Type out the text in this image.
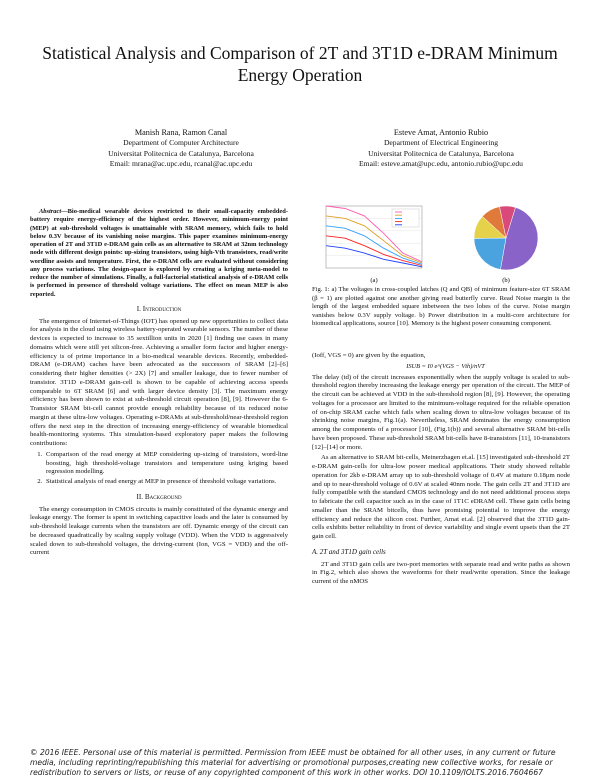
Statistical Analysis and Comparison of 2T and 3T1D e-DRAM Minimum Energy Operation
Manish Rana, Ramon Canal
Department of Computer Architecture
Universitat Politecnica de Catalunya, Barcelona
Email: mrana@ac.upc.edu, rcanal@ac.upc.edu
Esteve Amat, Antonio Rubio
Department of Electrical Engineering
Universitat Politecnica de Catalunya, Barcelona
Email: esteve.amat@upc.edu, antonio.rubio@upc.edu

Abstract—Bio-medical wearable devices restricted to their small-capacity embedded-battery require energy-efficiency of the highest order. However, minimum-energy point (MEP) at sub-threshold voltages is unattainable with SRAM memory, which fails to hold below 0.3V because of its vanishing noise margins. This paper examines minimum-energy operation of 2T and 3T1D e-DRAM gain cells as an alternative to SRAM at 32nm technology node with different design points: up-sizing transistors, using high-Vth transistors, read/write wordline assists and temperature. First, the e-DRAM cells are evaluated without considering any process variations. The design-space is explored by creating a kriging meta-model to reduce the number of simulations. Finally, a full-factorial statistical analysis of e-DRAM cells is performed in presence of threshold voltage variations. The effect on mean MEP is also reported.

I. Introduction

The emergence of Internet-of-Things (IOT) has opened up new opportunities to collect data for analysis in the cloud using wireless battery-operated wearable sensors. The number of these devices is expected to increase to 35 sextillion units in 2020 [1] finding use cases in many domains which were still yet silicon-free. Achieving a smaller form factor and higher energy-efficiency is of prime importance in a bio-medical wearable devices. Recently, embedded-DRAM (e-DRAM) caches have been advocated as the successors of SRAM [2]–[6] considering their higher densities (> 2X) [7] and smaller leakage, due to fewer number of transistor. 3T1D e-DRAM gain-cell is shown to be capable of achieving access speeds comparable to 6T SRAM [6] and with larger device density [3]. The maximum energy efficiency has been shown to exist at sub-threshold circuit operation [8], [9]. However the 6-Transistor SRAM bit-cell cannot provide enough reliability because of its reduced noise margin at these ultra-low voltages. Operating e-DRAMs at sub-threshold/near-threshold region offers the next step in the direction of increasing energy-efficiency of wearable biomedical health-monitoring systems. This simulation-based exploratory paper makes the following contributions:

1. Comparison of the read energy at MEP considering up-sizing of transistors, word-line boosting, high threshold-voltage transistors and temperature using kriging based regression modelling.
2. Statistical analysis of read energy at MEP in presence of threshold voltage variations.

II. Background

The energy consumption in CMOS circuits is mainly constituted of the dynamic energy and leakage energy. The former is spent in switching capacitive loads and the later is consumed by sub-threshold leakage currents when the transistors are off. Dynamic energy of the circuit can be decreased quadratically by scaling supply voltage (VDD). When the VDD is aggressively scaled down to sub-threshold voltages, the driving-current (Ion, VGS = VDD) and the off-current

(a)	(b)
Fig. 1: a) The voltages in cross-coupled latches (Q and QB) of minimum feature-size 6T SRAM (β = 1) are plotted against one another giving read butterfly curve. Read Noise margin is the length of the largest embedded square inbetween the two lobes of the curve. Noise margin vanishes below 0.3V supply voltage. b) Power distribution in a multi-core architecture for biomedical applications, source [10]. Memory is the highest power consuming component.

(Ioff, VGS = 0) are given by the equation,

ISUB = I0 e^(VGS − Vth)/nVT

The delay (td) of the circuit increases exponentially when the supply voltage is scaled to sub-threshold region thereby increasing the leakage energy per operation of the circuit. The MEP of the circuit can be achieved at VDD in the sub-threshold region [8], [9]. However, the operating voltages for a processor are limited to the minimum-voltage required for the reliable operation of on-chip SRAM cache which fails when scaling down to ultra-low voltages because of its shrinking noise margins, Fig.1(a). Nevertheless, SRAM dominates the energy consumption among the components of a processor [10], (Fig.1(b)) and several alternative SRAM bit-cells have been proposed. These sub-threshold SRAM bit-cells have 8-transistors [11], 10-transistors [12]–[14] or more.

As an alternative to SRAM bit-cells, Meinerzhagen et.al. [15] investigated sub-threshold 2T e-DRAM gain-cells for ultra-low power medical applications. Their study showed reliable operation for 2kb e-DRAM array up to sub-threshold voltage of 0.4V at mature 0.18μm node and up to near-threshold voltage of 0.6V at scaled 40nm node. The gain cells 2T and 3T1D are fully compatible with the standard CMOS technology and do not need additional process steps to fabricate the cell capacitor such as in the case of 1T1C eDRAM cell. These gain cells being smaller than the SRAM bitcells, thus have promising potential to improve the energy efficiency and reduce the silicon cost. Further, Amat et.al. [2] observed that the 3T1D gain-cells exhibits better reliability in front of device variability and single event upsets than the 2T gain cell.

A. 2T and 3T1D gain cells

2T and 3T1D gain cells are two-port memories with separate read and write paths as shown in Fig.2, which also shows the waveforms for their read/write operation. Since the leakage current of the nMOS

© 2016 IEEE. Personal use of this material is permitted. Permission from IEEE must be obtained for all other uses, in any current or future media, including reprinting/republishing this material for advertising or promotional purposes,creating new collective works, for resale or redistribution to servers or lists, or reuse of any copyrighted component of this work in other works. DOI 10.1109/IOLTS.2016.7604667
